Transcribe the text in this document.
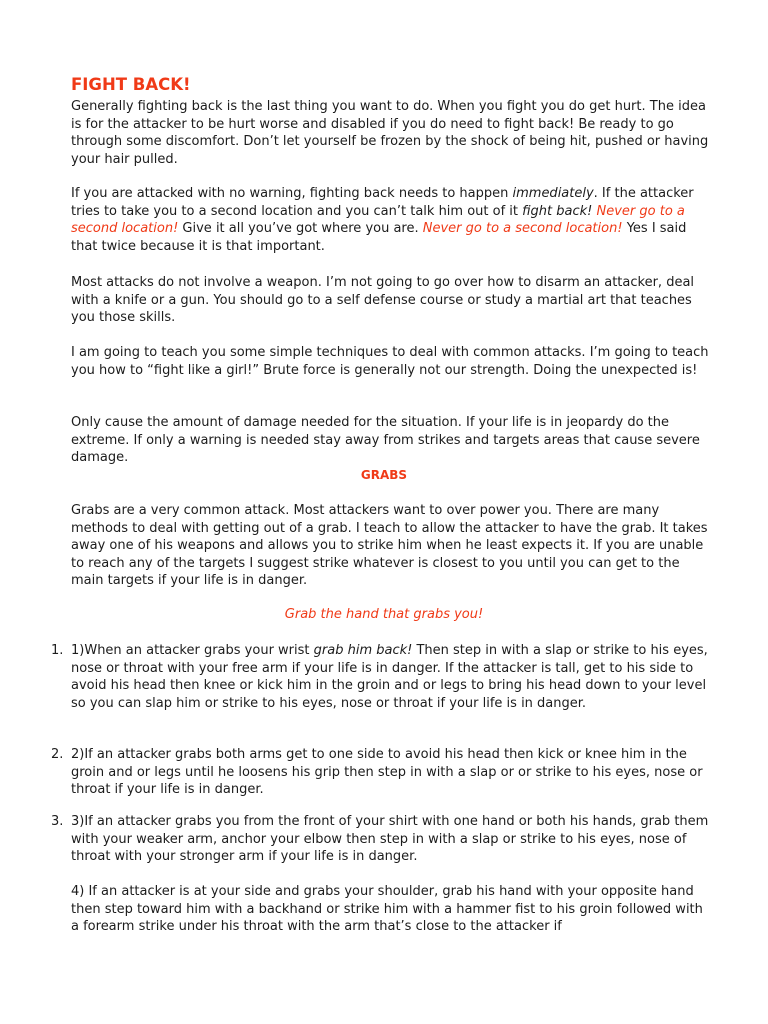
FIGHT BACK!

Generally fighting back is the last thing you want to do. When you fight you do get hurt. The idea is for the attacker to be hurt worse and disabled if you do need to fight back! Be ready to go through some discomfort. Don’t let yourself be frozen by the shock of being hit, pushed or having your hair pulled.

If you are attacked with no warning, fighting back needs to happen immediately. If the attacker tries to take you to a second location and you can’t talk him out of it fight back! Never go to a second location! Give it all you’ve got where you are. Never go to a second location! Yes I said that twice because it is that important.

Most attacks do not involve a weapon. I’m not going to go over how to disarm an attacker, deal with a knife or a gun. You should go to a self defense course or study a martial art that teaches you those skills.

I am going to teach you some simple techniques to deal with common attacks. I’m going to teach you how to “fight like a girl!” Brute force is generally not our strength. Doing the unexpected is!

Only cause the amount of damage needed for the situation. If your life is in jeopardy do the extreme. If only a warning is needed stay away from strikes and targets areas that cause severe damage.

GRABS

Grabs are a very common attack. Most attackers want to over power you. There are many methods to deal with getting out of a grab. I teach to allow the attacker to have the grab. It takes away one of his weapons and allows you to strike him when he least expects it. If you are unable to reach any of the targets I suggest strike whatever is closest to you until you can get to the main targets if your life is in danger.

Grab the hand that grabs you!

1. 1)When an attacker grabs your wrist grab him back! Then step in with a slap or strike to his eyes, nose or throat with your free arm if your life is in danger. If the attacker is tall, get to his side to avoid his head then knee or kick him in the groin and or legs to bring his head down to your level so you can slap him or strike to his eyes, nose or throat if your life is in danger.
2. 2)If an attacker grabs both arms get to one side to avoid his head then kick or knee him in the groin and or legs until he loosens his grip then step in with a slap or or strike to his eyes, nose or throat if your life is in danger.
3. 3)If an attacker grabs you from the front of your shirt with one hand or both his hands, grab them with your weaker arm, anchor your elbow then step in with a slap or strike to his eyes, nose of throat with your stronger arm if your life is in danger.
4) If an attacker is at your side and grabs your shoulder, grab his hand with your opposite hand then step toward him with a backhand or strike him with a hammer fist to his groin followed with a forearm strike under his throat with the arm that’s close to the attacker if
